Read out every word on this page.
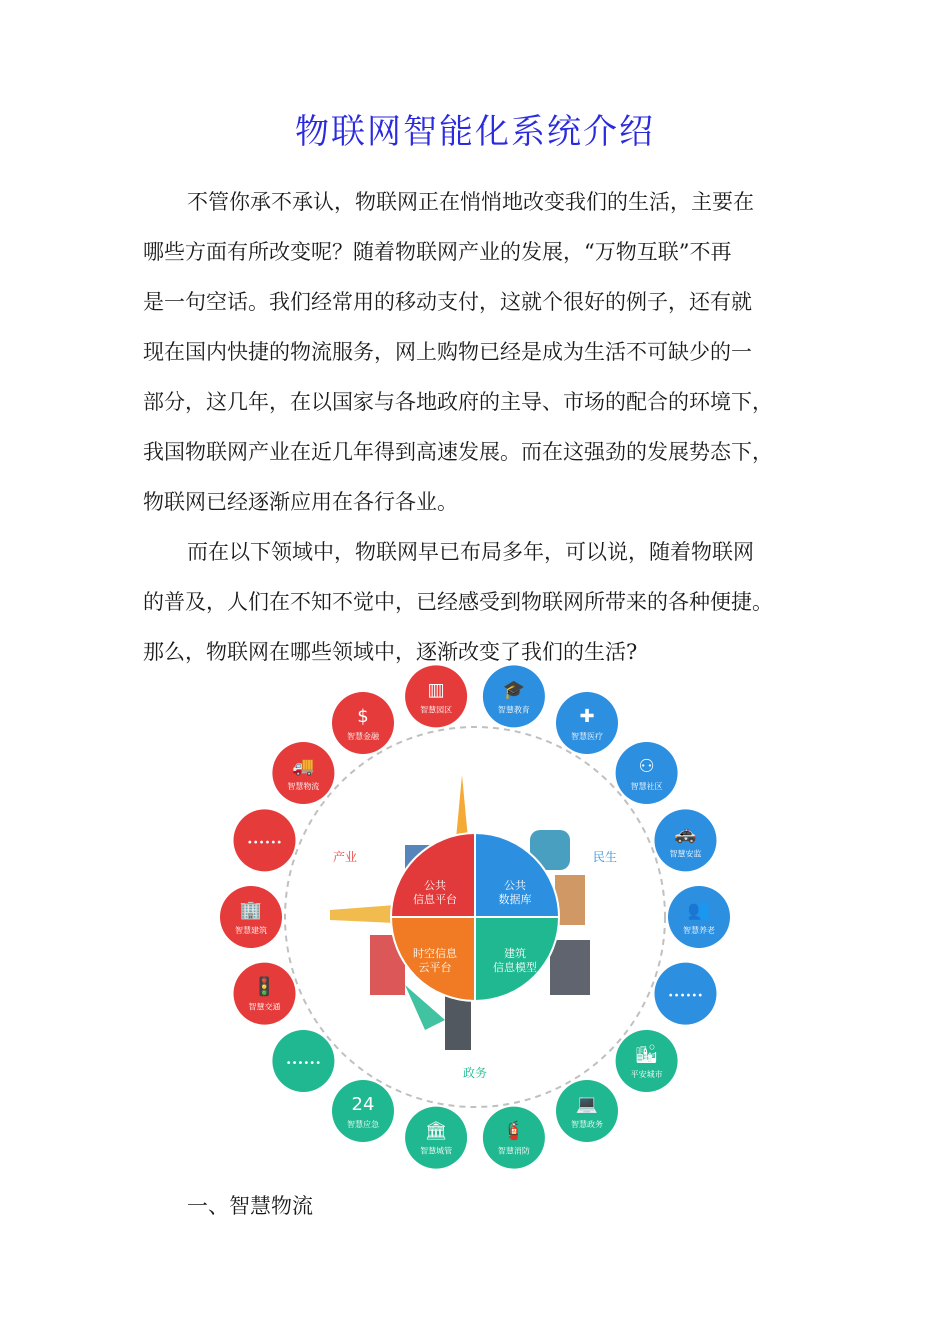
物联网智能化系统介绍
不管你承不承认，物联网正在悄悄地改变我们的生活，主要在
哪些方面有所改变呢？随着物联网产业的发展，“万物互联”不再
是一句空话。我们经常用的移动支付，这就个很好的例子，还有就
现在国内快捷的物流服务，网上购物已经是成为生活不可缺少的一
部分，这几年，在以国家与各地政府的主导、市场的配合的环境下，
我国物联网产业在近几年得到高速发展。而在这强劲的发展势态下，
物联网已经逐渐应用在各行各业。
而在以下领域中，物联网早已布局多年，可以说，随着物联网
的普及，人们在不知不觉中，已经感受到物联网所带来的各种便捷。
那么，物联网在哪些领域中，逐渐改变了我们的生活?
公共
信息平台
公共
数据库
时空信息
云平台
建筑
信息模型
▥
智慧园区
🎓
智慧教育	✚
智慧医疗
⚇
智慧社区
🚓
智慧安监
👥
智慧养老
••••••
🏙
平安城市
💻
智慧政务
🧯
智慧消防
🏛
智慧城管
24
智慧应急
••••••
🚦
智慧交通
🏢
智慧建筑
••••••
🚚
智慧物流
$
智慧金融
产业	民生
政务
一、智慧物流
